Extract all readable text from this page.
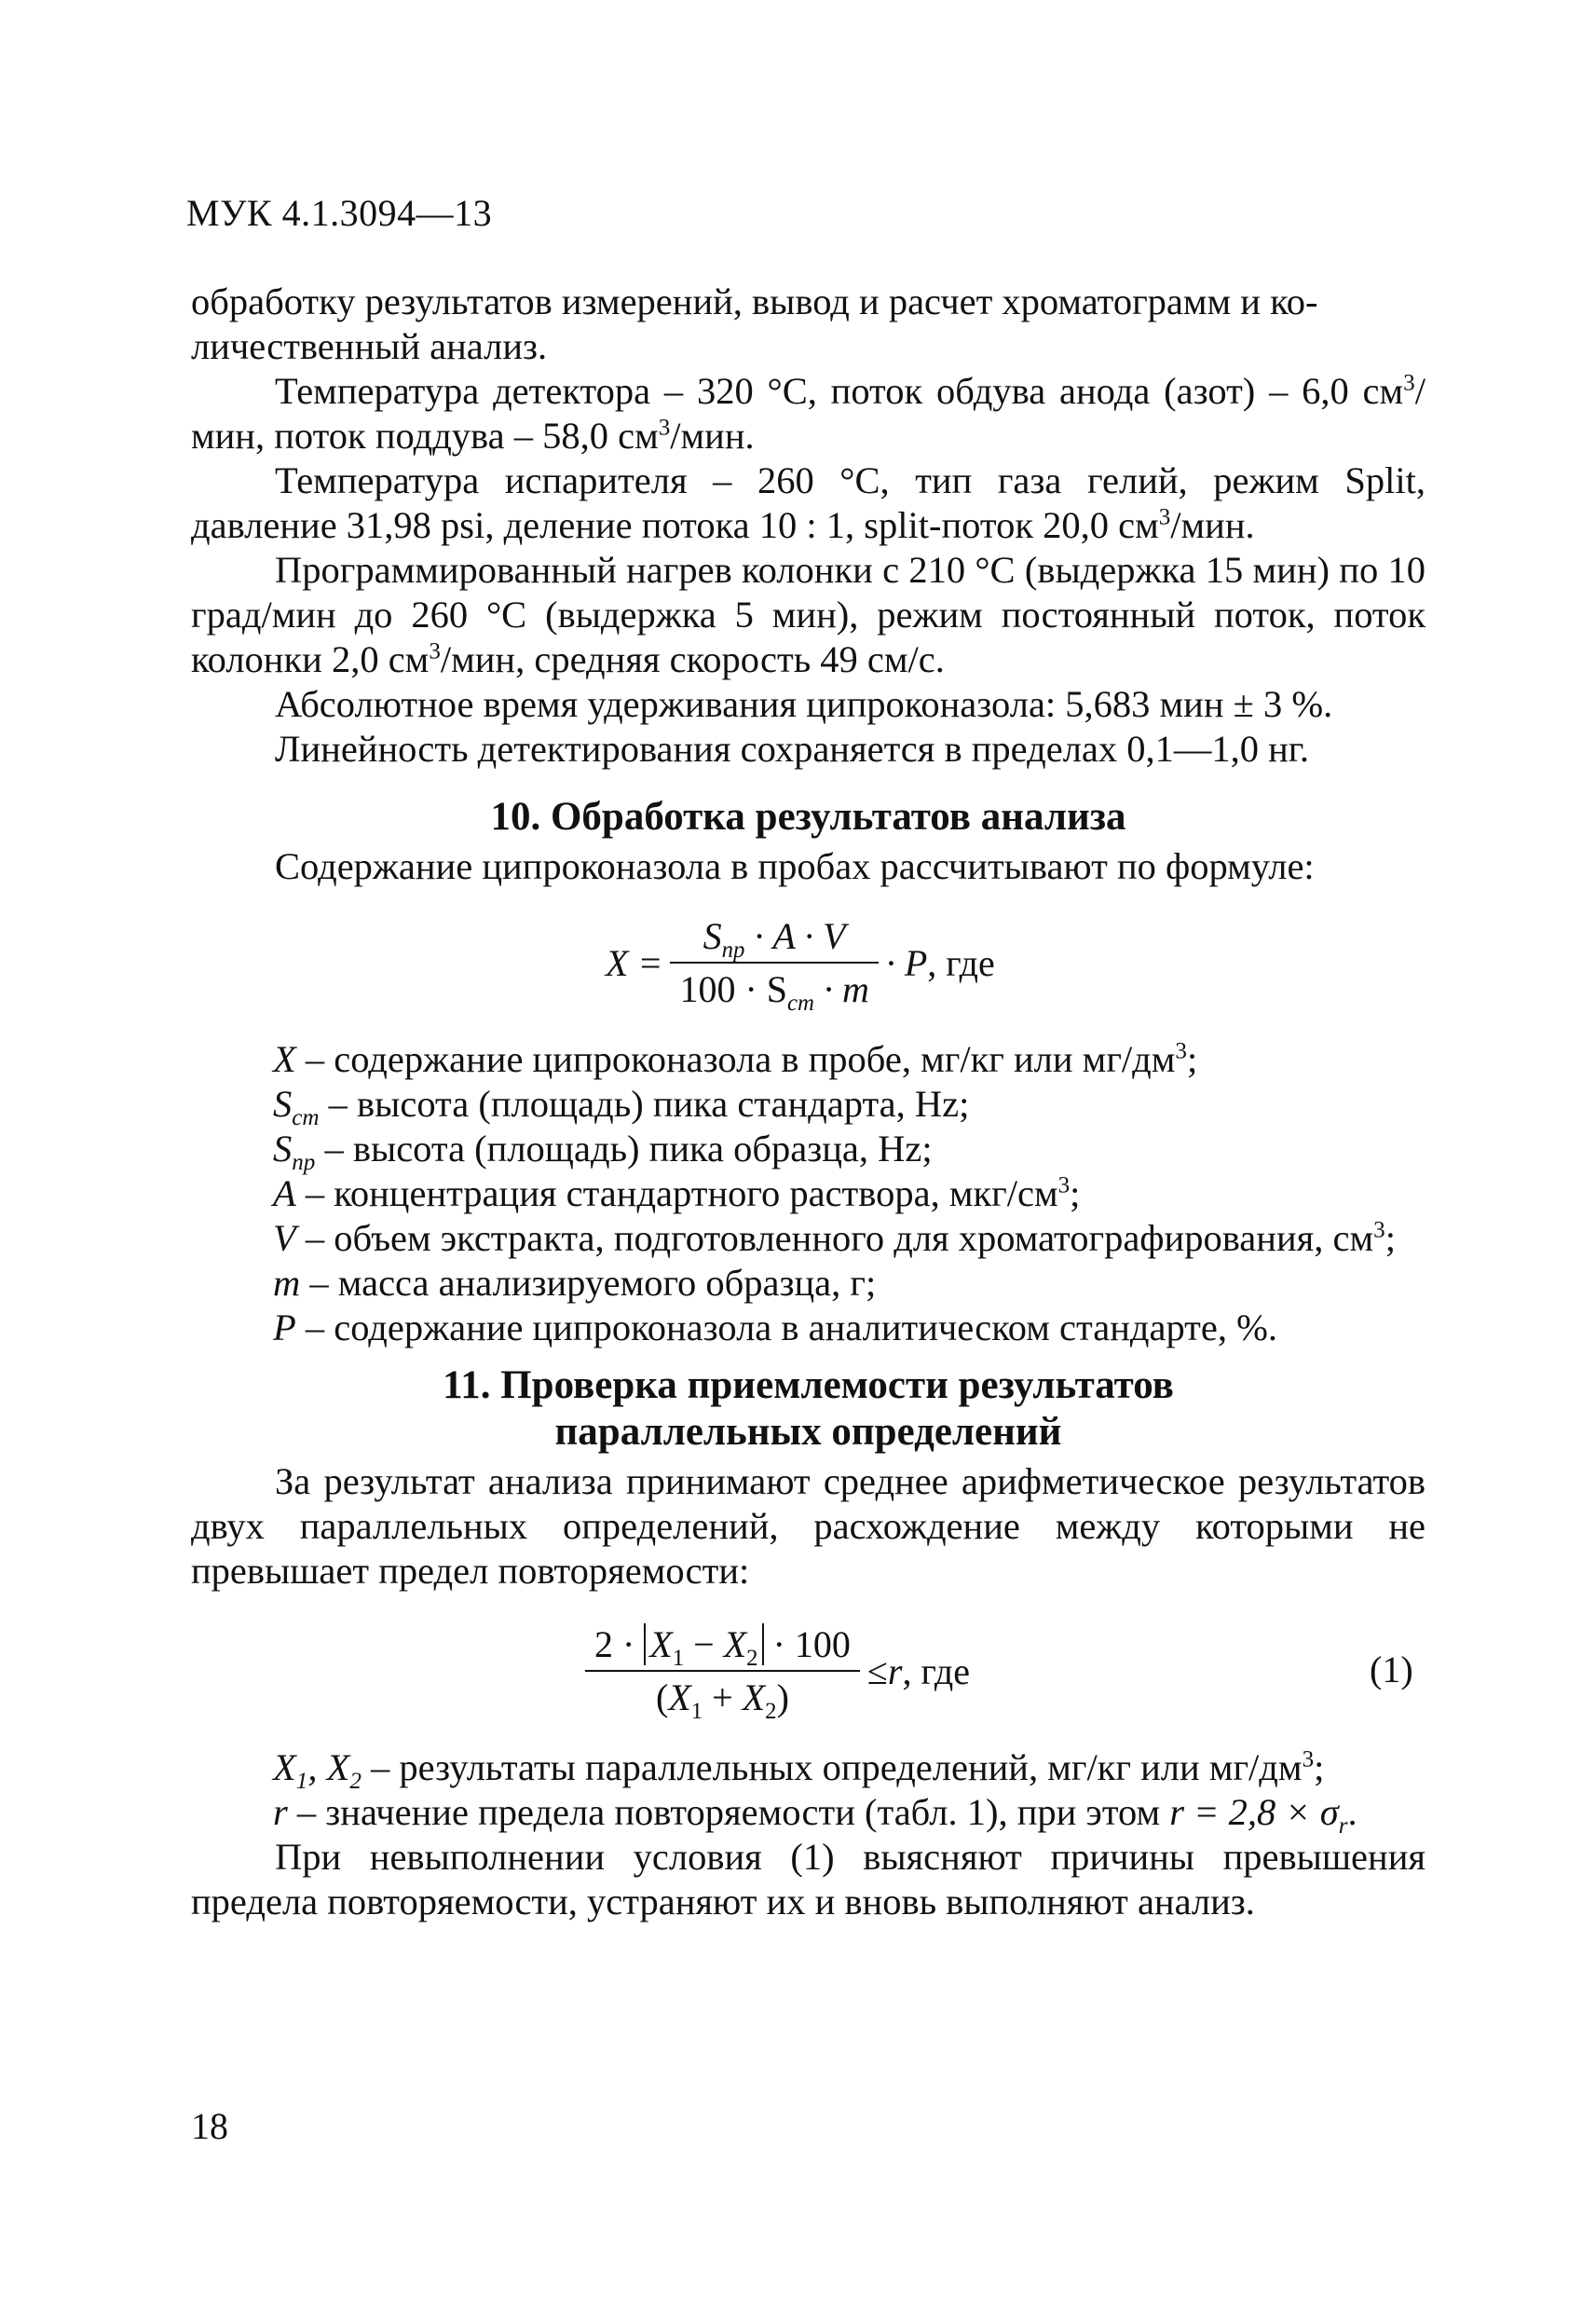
МУК 4.1.3094—13

обработку результатов измерений, вывод и расчет хроматограмм и ко-
личественный анализ.

Температура детектора – 320 °C, поток обдува анода (азот) – 6,0 $см^3$/мин, поток поддува – 58,0 $см^3$/мин.

Температура испарителя – 260 °C, тип газа гелий, режим Split, давление 31,98 psi, деление потока 10 : 1, split-поток 20,0 $см^3$/мин.

Программированный нагрев колонки с 210 °C (выдержка 15 мин) по 10 град/мин до 260 °C (выдержка 5 мин), режим постоянный поток, поток колонки 2,0 $см^3$/мин, средняя скорость 49 см/с.

Абсолютное время удерживания ципроконазола: 5,683 мин ± 3 %.

Линейность детектирования сохраняется в пределах 0,1—1,0 нг.

10. Обработка результатов анализа

Содержание ципроконазола в пробах рассчитывают по формуле:

$X = \frac{S_{пр} \cdot A \cdot V}{100 \cdot S_{ст} \cdot m} \cdot P$ , где

X – содержание ципроконазола в пробе, мг/кг или $мг/дм^3$;

$S_{cm}$ – высота (площадь) пика стандарта, Hz;

$S_{np}$ – высота (площадь) пика образца, Hz;

A – концентрация стандартного раствора, мкг/$см^3$;

V – объем экстракта, подготовленного для хроматографирования, $см^3$;

m – масса анализируемого образца, г;

P – содержание ципроконазола в аналитическом стандарте, %.

11. Проверка приемлемости результатов

параллельных определений

За результат анализа принимают среднее арифметическое результатов двух параллельных определений, расхождение между которыми не превышает предел повторяемости:

$\frac{2 \cdot X_1 - X_2 \cdot 100}{(X_1 + X_2)} \le r$ , где	(1)

$X_1$, $X_2$ – результаты параллельных определений, мг/кг или $мг/дм^3$;

r – значение предела повторяемости (табл. 1), при этом $r = 2,8 \times \sigma_r$.

При невыполнении условия (1) выясняют причины превышения предела повторяемости, устраняют их и вновь выполняют анализ.

18
